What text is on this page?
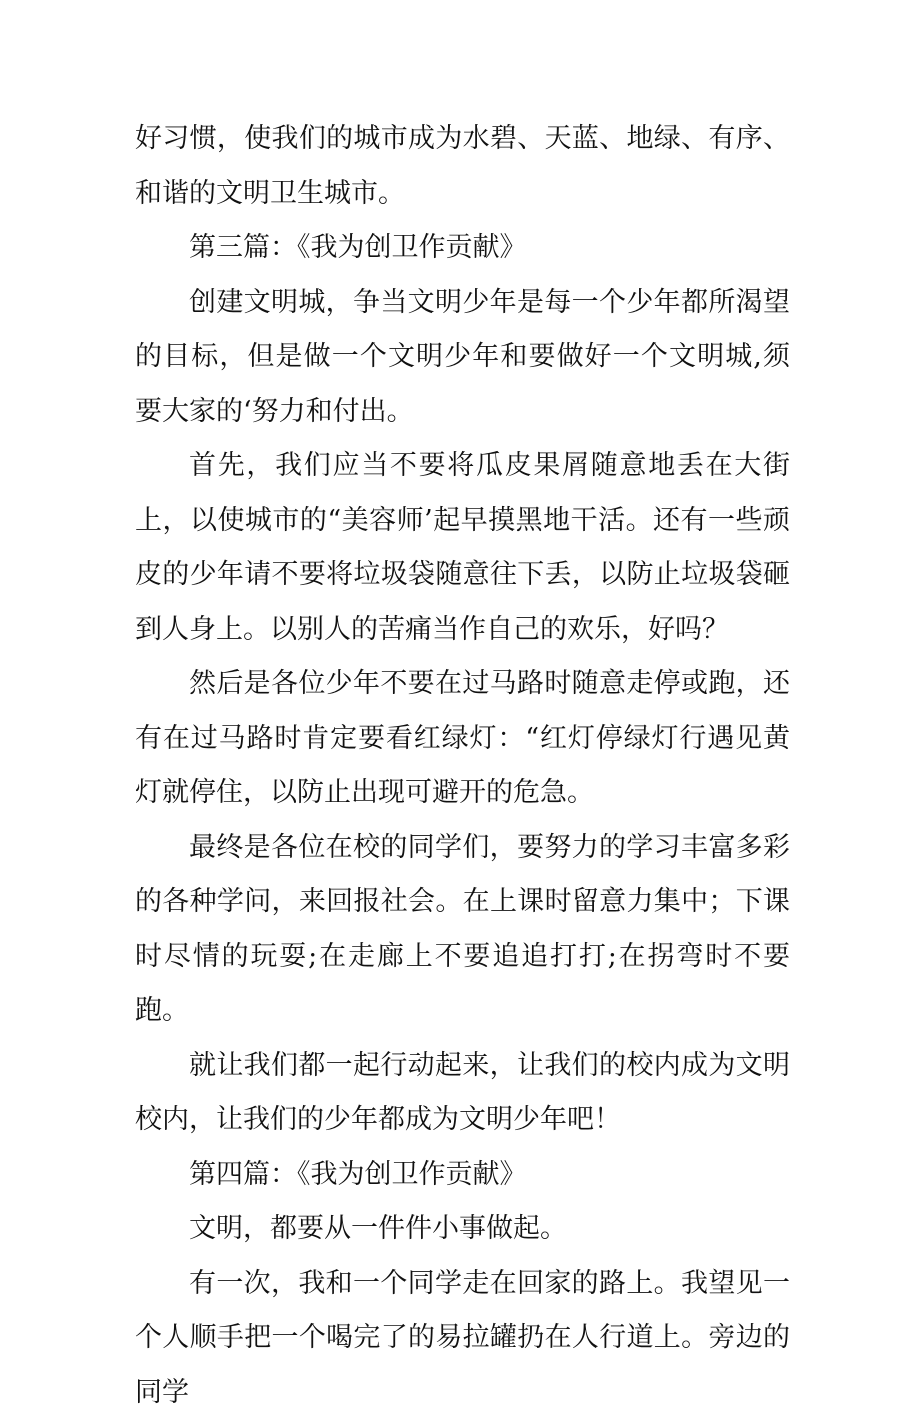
好习惯，使我们的城市成为水碧、天蓝、地绿、有序、和谐的文明卫生城市。

第三篇：《我为创卫作贡献》

创建文明城，争当文明少年是每一个少年都所渴望的目标，但是做一个文明少年和要做好一个文明城,须要大家的‘努力和付出。

首先，我们应当不要将瓜皮果屑随意地丢在大街上，以使城市的“美容师’起早摸黑地干活。还有一些顽皮的少年请不要将垃圾袋随意往下丢，以防止垃圾袋砸到人身上。以别人的苦痛当作自己的欢乐，好吗？

然后是各位少年不要在过马路时随意走停或跑，还有在过马路时肯定要看红绿灯：“红灯停绿灯行遇见黄灯就停住，以防止出现可避开的危急。

最终是各位在校的同学们，要努力的学习丰富多彩的各种学问，来回报社会。在上课时留意力集中；下课时尽情的玩耍;在走廊上不要追追打打;在拐弯时不要跑。

就让我们都一起行动起来，让我们的校内成为文明校内，让我们的少年都成为文明少年吧！

第四篇：《我为创卫作贡献》

文明，都要从一件件小事做起。

有一次，我和一个同学走在回家的路上。我望见一个人顺手把一个喝完了的易拉罐扔在人行道上。旁边的同学
